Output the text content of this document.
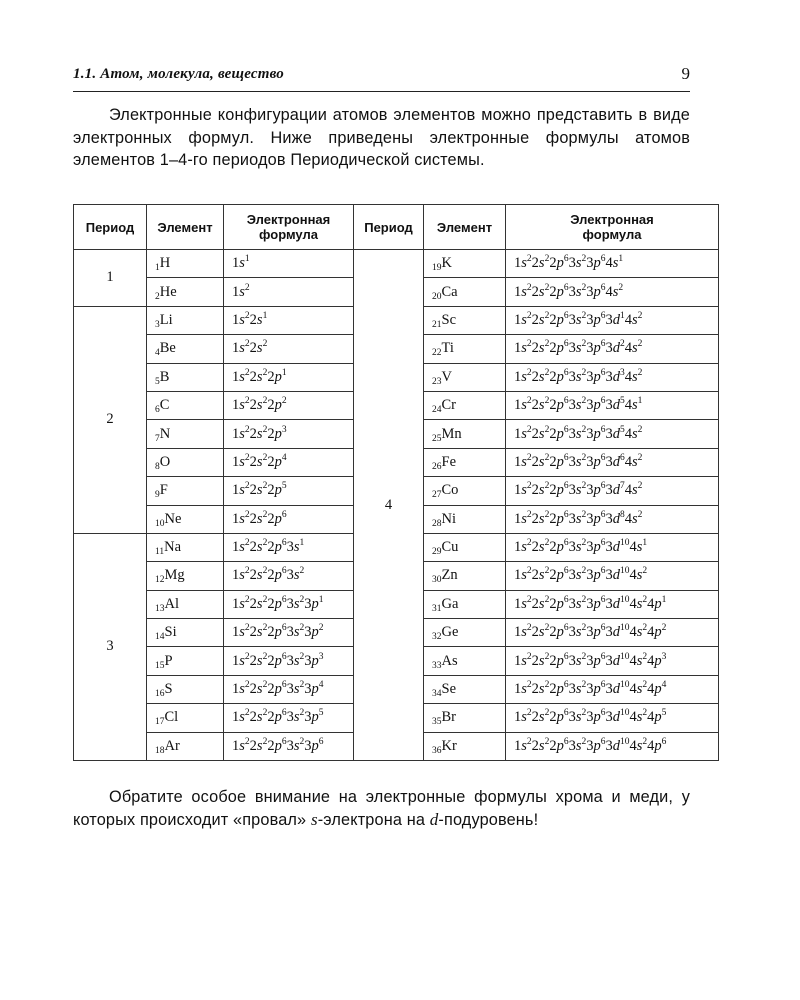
1.1. Атом, молекула, вещество	9

Электронные конфигурации атомов элементов можно представить в виде электронных формул. Ниже приведены электронные формулы атомов элементов 1–4-го периодов Периодической системы.

Период	Элемент	Электронная
формула	Период	Элемент	Электронная
формула
1	$_1$H	$1s^1$	4	$_{19}$K	$1s^22s^22p^63s^23p^64s^1$
	$_2$He	$1s^2$		$_{20}$Ca	$1s^22s^22p^63s^23p^64s^2$
2	$_3$Li	$1s^22s^1$		$_{21}$Sc	$1s^22s^22p^63s^23p^63d^14s^2$
	$_4$Be	$1s^22s^2$		$_{22}$Ti	$1s^22s^22p^63s^23p^63d^24s^2$
	$_5$B	$1s^22s^22p^1$		$_{23}$V	$1s^22s^22p^63s^23p^63d^34s^2$
	$_6$C	$1s^22s^22p^2$		$_{24}$Cr	$1s^22s^22p^63s^23p^63d^54s^1$
	$_7$N	$1s^22s^22p^3$		$_{25}$Mn	$1s^22s^22p^63s^23p^63d^54s^2$
	$_8$O	$1s^22s^22p^4$		$_{26}$Fe	$1s^22s^22p^63s^23p^63d^64s^2$
	$_9$F	$1s^22s^22p^5$		$_{27}$Co	$1s^22s^22p^63s^23p^63d^74s^2$
	$_{10}$Ne	$1s^22s^22p^6$		$_{28}$Ni	$1s^22s^22p^63s^23p^63d^84s^2$
3	$_{11}$Na	$1s^22s^22p^63s^1$		$_{29}$Cu	$1s^22s^22p^63s^23p^63d^{10}4s^1$
	$_{12}$Mg	$1s^22s^22p^63s^2$		$_{30}$Zn	$1s^22s^22p^63s^23p^63d^{10}4s^2$
	$_{13}$Al	$1s^22s^22p^63s^23p^1$		$_{31}$Ga	$1s^22s^22p^63s^23p^63d^{10}4s^24p^1$
	$_{14}$Si	$1s^22s^22p^63s^23p^2$		$_{32}$Ge	$1s^22s^22p^63s^23p^63d^{10}4s^24p^2$
	$_{15}$P	$1s^22s^22p^63s^23p^3$		$_{33}$As	$1s^22s^22p^63s^23p^63d^{10}4s^24p^3$
	$_{16}$S	$1s^22s^22p^63s^23p^4$		$_{34}$Se	$1s^22s^22p^63s^23p^63d^{10}4s^24p^4$
	$_{17}$Cl	$1s^22s^22p^63s^23p^5$		$_{35}$Br	$1s^22s^22p^63s^23p^63d^{10}4s^24p^5$
	$_{18}$Ar	$1s^22s^22p^63s^23p^6$		$_{36}$Kr	$1s^22s^22p^63s^23p^63d^{10}4s^24p^6$

Обратите особое внимание на электронные формулы хрома и меди, у которых происходит «провал» s-электрона на d-подуровень!
